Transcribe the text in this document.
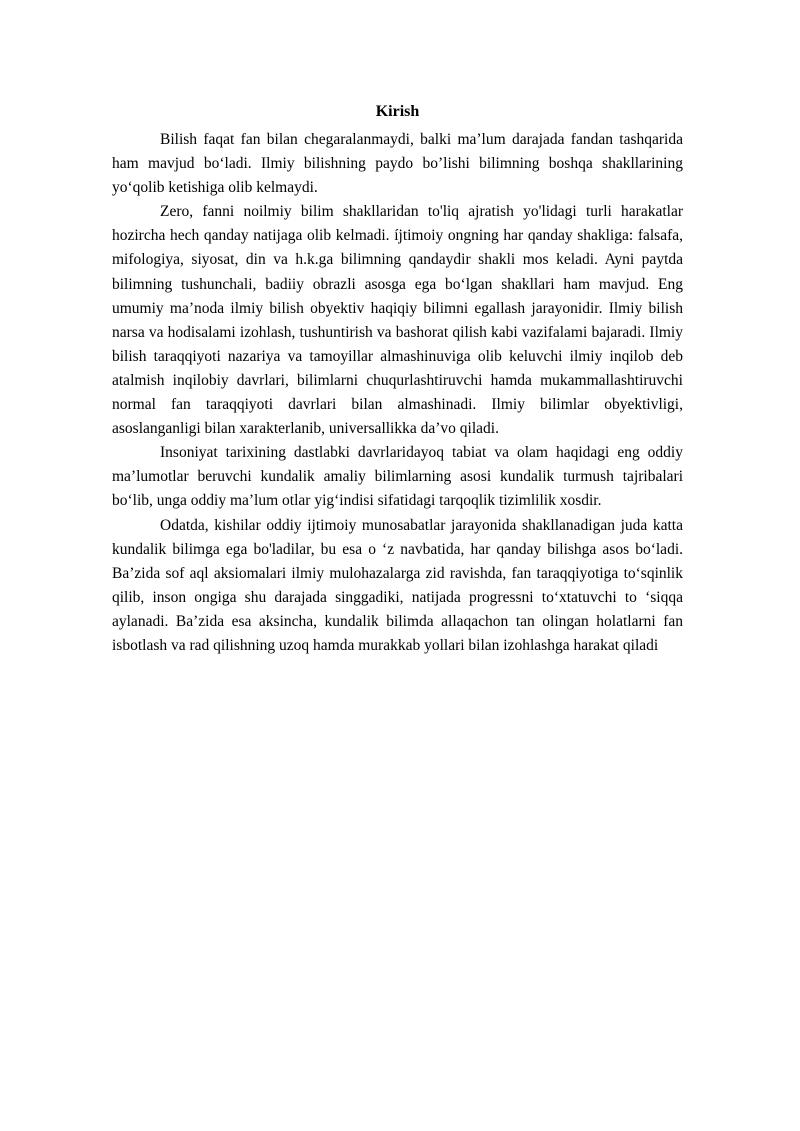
Kirish

Bilish faqat fan bilan chegaralanmaydi, balki ma’lum darajada fandan tashqarida ham mavjud bo‘ladi. Ilmiy bilishning paydo bo’lishi bilimning boshqa shakllarining yo‘qolib ketishiga olib kelmaydi.

Zero, fanni noilmiy bilim shakllaridan to'liq ajratish yo'lidagi turli harakatlar hozircha hech qanday natijaga olib kelmadi. íjtimoiy ongning har qanday shakliga: falsafa, mifologiya, siyosat, din va h.k.ga bilimning qandaydir shakli mos keladi. Ayni paytda bilimning tushunchali, badiiy obrazli asosga ega bo‘lgan shakllari ham mavjud. Eng umumiy ma’noda ilmiy bilish obyektiv haqiqiy bilimni egallash jarayonidir. Ilmiy bilish narsa va hodisalami izohlash, tushuntirish va bashorat qilish kabi vazifalami bajaradi. Ilmiy bilish taraqqiyoti nazariya va tamoyillar almashinuviga olib keluvchi ilmiy inqilob deb atalmish inqilobiy davrlari, bilimlarni chuqurlashtiruvchi hamda mukammallashtiruvchi normal fan taraqqiyoti davrlari bilan almashinadi. Ilmiy bilimlar obyektivligi, asoslanganligi bilan xarakterlanib, universallikka da’vo qiladi.

Insoniyat tarixining dastlabki davrlaridayoq tabiat va olam haqidagi eng oddiy ma’lumotlar beruvchi kundalik amaliy bilimlarning asosi kundalik turmush tajribalari bo‘lib, unga oddiy ma’lum otlar yig‘indisi sifatidagi tarqoqlik tizimlilik xosdir.

Odatda, kishilar oddiy ijtimoiy munosabatlar jarayonida shakllanadigan juda katta kundalik bilimga ega bo'ladilar, bu esa o ‘z navbatida, har qanday bilishga asos bo‘ladi. Ba’zida sof aql aksiomalari ilmiy mulohazalarga zid ravishda, fan taraqqiyotiga to‘sqinlik qilib, inson ongiga shu darajada singgadiki, natijada progressni to‘xtatuvchi to ‘siqqa aylanadi. Ba’zida esa aksincha, kundalik bilimda allaqachon tan olingan holatlarni fan isbotlash va rad qilishning uzoq hamda murakkab yollari bilan izohlashga harakat qiladi
